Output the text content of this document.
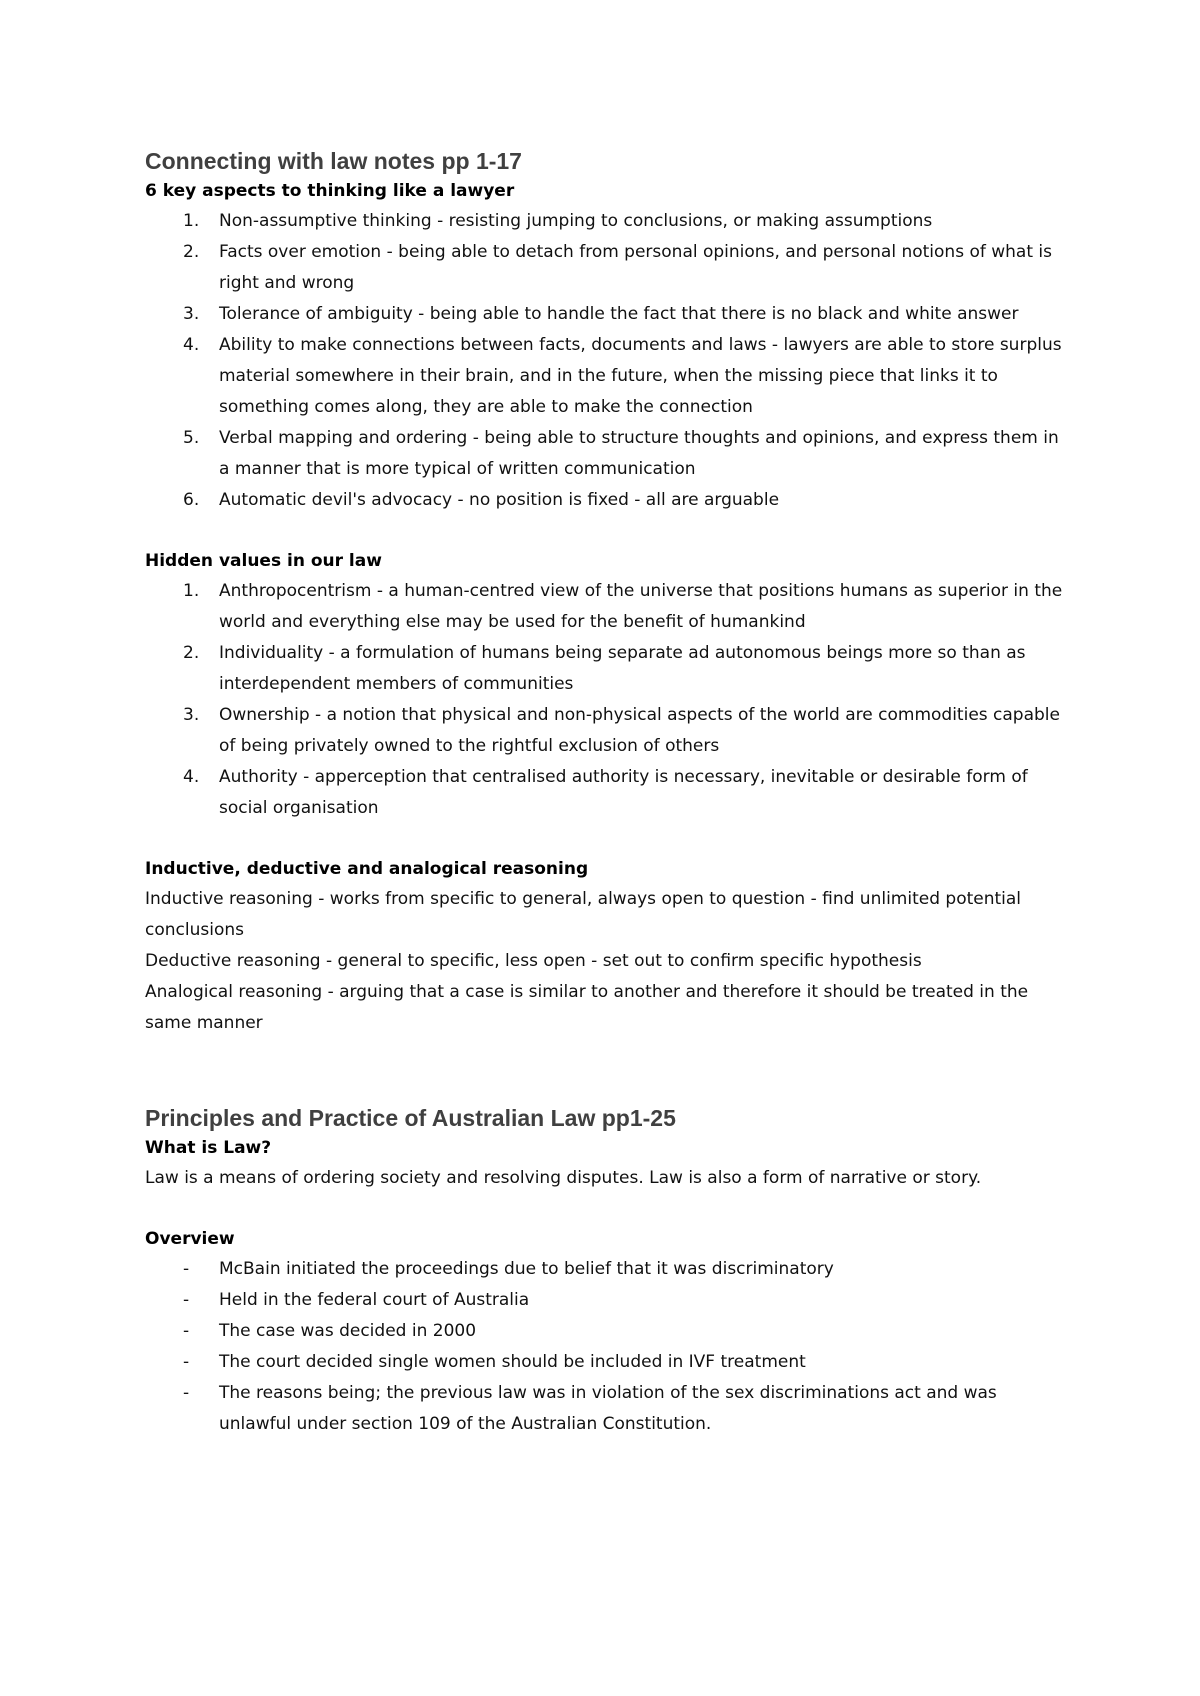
Connecting with law notes pp 1-17
6 key aspects to thinking like a lawyer
1.	Non-assumptive thinking - resisting jumping to conclusions, or making assumptions
2.	Facts over emotion - being able to detach from personal opinions, and personal notions of what is right and wrong
3.	Tolerance of ambiguity - being able to handle the fact that there is no black and white answer
4.	Ability to make connections between facts, documents and laws - lawyers are able to store surplus material somewhere in their brain, and in the future, when the missing piece that links it to something comes along, they are able to make the connection
5.	Verbal mapping and ordering - being able to structure thoughts and opinions, and express them in a manner that is more typical of written communication
6.	Automatic devil's advocacy - no position is fixed - all are arguable
Hidden values in our law
1.	Anthropocentrism - a human-centred view of the universe that positions humans as superior in the world and everything else may be used for the benefit of humankind
2.	Individuality - a formulation of humans being separate ad autonomous beings more so than as interdependent members of communities
3.	Ownership - a notion that physical and non-physical aspects of the world are commodities capable of being privately owned to the rightful exclusion of others
4.	Authority - apperception that centralised authority is necessary, inevitable or desirable form of social organisation
Inductive, deductive and analogical reasoning

Inductive reasoning - works from specific to general, always open to question - find unlimited potential conclusions

Deductive reasoning - general to specific, less open - set out to confirm specific hypothesis

Analogical reasoning - arguing that a case is similar to another and therefore it should be treated in the same manner

Principles and Practice of Australian Law pp1-25
What is Law?

Law is a means of ordering society and resolving disputes. Law is also a form of narrative or story.

Overview
-	McBain initiated the proceedings due to belief that it was discriminatory
-	Held in the federal court of Australia
-	The case was decided in 2000
-	The court decided single women should be included in IVF treatment
-	The reasons being; the previous law was in violation of the sex discriminations act and was unlawful under section 109 of the Australian Constitution.
